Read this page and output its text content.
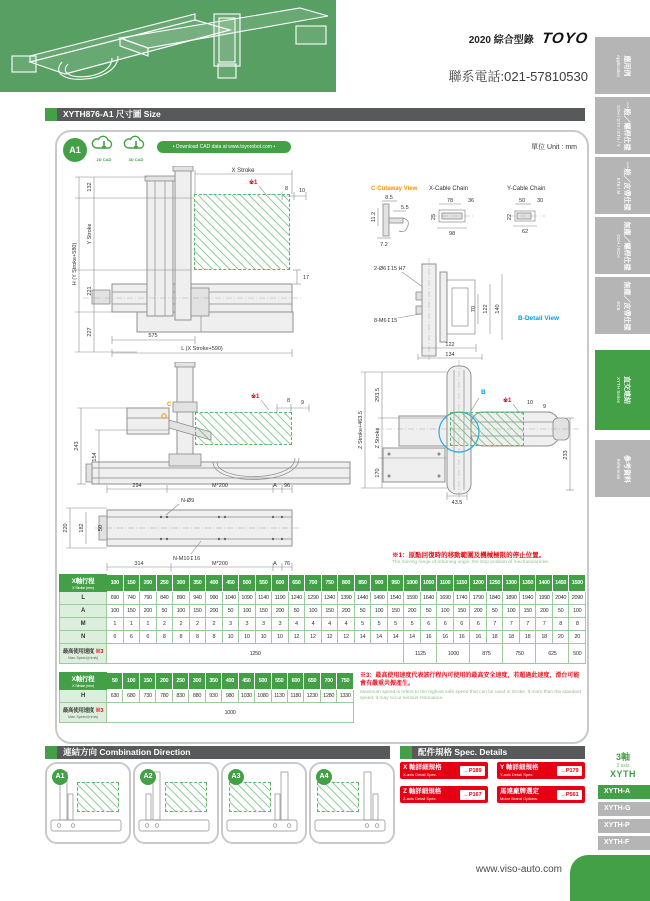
2020 綜合型錄 TOYO
聯系電話:021-57810530
應用例
Application
一般／螺桿仕樣
GTH / GTY / ETH / Y
一般／皮帶仕樣
ETB / M
無塵／螺桿仕樣
GCH / ECH
無塵／皮帶仕樣
ECB
直交連結
XYTH Series
參考資料
Reference
XYTH876-A1 尺寸圖 Size
A1
2D CAD	3D CAD
• Download CAD data at www.toyorobot.com •	單位 Unit : mm
X Stroke
※1
8 10
132
Y Stroke
H (Y Stroke+580)
221
227
17
575
L (X Stroke+590)
C-Cutaway View
8.5
5.5
11.2
7.2
X-Cable Chain
78	36
25
98
Y-Cable Chain
50 30
22
62
2-Ø6↧15 H7
8-M6↧15
70 122 140
B-Detail View
122
134
C
※1
8 9
243
154
B
※1	10
9
Z Stroke+463.5
293.5
Z Stroke
170
233
43.5
294	M*200	A 96
N-Ø9
220 182 50
N-M10↧16
314	M*200	A 76
※1：原點回復時的移動範圍及機械極限的停止位置。
The moving range of returning origin, the stop position of mechanical limit.
X軸行程
X Stroke (mm)	100	150	200	250	300	350	400	450	500	550	600	650	700	750	800	850	900	950	1000	1050	1100	1150	1200	1250	1300	1350	1400	1450	1500
L	690	740	790	840	890	940	990	1040	1090	1140	1190	1240	1290	1340	1390	1440	1490	1540	1590	1640	1690	1740	1790	1840	1890	1940	1990	2040	2090
A	100	150	200	50	100	150	200	50	100	150	200	50	100	150	200	50	100	150	200	50	100	150	200	50	100	150	200	50	100
M	1	1	1	2	2	2	2	3	3	3	3	4	4	4	4	5	5	5	5	6	6	6	6	7	7	7	7	8	8
N	6	6	6	8	8	8	8	10	10	10	10	12	12	12	12	14	14	14	14	16	16	16	16	18	18	18	18	20	20

最高使用速度 ※3
Max. Speed (mm/s)	1250																		1125		1000		875		750		625		500
X軸行程
X Stroke (mm)	50	100	150	200	250	300	350	400	450	500	550	600	650	700	750
H	630	680	730	780	830	880	930	980	1030	1080	1130	1180	1230	1280	1330

最高使用速度 ※3
Max. Speed (mm/s)	1000														
※3：最高使用速度代表該行程內可使用的最高安全速度，若超過此速度，滑台可能會有嚴重共振產生。
Maximum speed is refers to the highest safe speed that can be used in stroke. If more than the standard speed, it may occur serious resonance.
連結方向 Combination Direction
A1	A2	A3	A4
配件規格 Spec. Details
X 軸詳細規格
X-axis Detail Spec.
→P189	Y 軸詳細規格
Y-axis Detail Spec.
→P179
Z 軸詳細規格
Z-axis Detail Spec.
→P167	馬達廠牌選定
Motor Brand Options.
→P561
3軸
3 axis
XYTH
XYTH-A
XYTH-G
XYTH-P
XYTH-F
www.viso-auto.com
